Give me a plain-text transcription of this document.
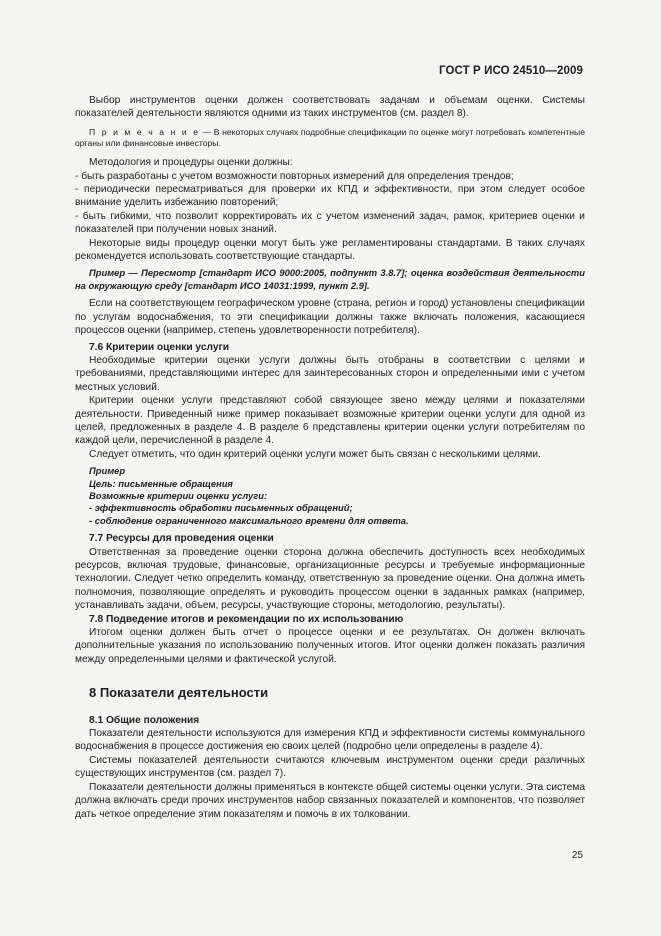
ГОСТ Р ИСО 24510—2009

Выбор инструментов оценки должен соответствовать задачам и объемам оценки. Системы показателей деятельности являются одними из таких инструментов (см. раздел 8).

П р и м е ч а н и е — В некоторых случаях подробные спецификации по оценке могут потребовать компетентные органы или финансовые инвесторы.

Методология и процедуры оценки должны:

- быть разработаны с учетом возможности повторных измерений для определения трендов;
- периодически пересматриваться для проверки их КПД и эффективности, при этом следует особое внимание уделить избежанию повторений;
- быть гибкими, что позволит корректировать их с учетом изменений задач, рамок, критериев оценки и показателей при получении новых знаний.

Некоторые виды процедур оценки могут быть уже регламентированы стандартами. В таких случаях рекомендуется использовать соответствующие стандарты.

Пример — Пересмотр [стандарт ИСО 9000:2005, подпункт 3.8.7]; оценка воздействия деятельности на окружающую среду [стандарт ИСО 14031:1999, пункт 2.9].

Если на соответствующем географическом уровне (страна, регион и город) установлены спецификации по услугам водоснабжения, то эти спецификации должны также включать положения, касающиеся процессов оценки (например, степень удовлетворенности потребителя).

7.6 Критерии оценки услуги

Необходимые критерии оценки услуги должны быть отобраны в соответствии с целями и требованиями, представляющими интерес для заинтересованных сторон и определенными ими с учетом местных условий.

Критерии оценки услуги представляют собой связующее звено между целями и показателями деятельности. Приведенный ниже пример показывает возможные критерии оценки услуги для одной из целей, предложенных в разделе 4. В разделе 6 представлены критерии оценки услуги потребителям по каждой цели, перечисленной в разделе 4.

Следует отметить, что один критерий оценки услуги может быть связан с несколькими целями.

Пример

Цель: письменные обращения

Возможные критерии оценки услуги:

- эффективность обработки письменных обращений;

- соблюдение ограниченного максимального времени для ответа.

7.7 Ресурсы для проведения оценки

Ответственная за проведение оценки сторона должна обеспечить доступность всех необходимых ресурсов, включая трудовые, финансовые, организационные ресурсы и требуемые информационные технологии. Следует четко определить команду, ответственную за проведение оценки. Она должна иметь полномочия, позволяющие определять и руководить процессом оценки в заданных рамках (например, устанавливать задачи, объем, ресурсы, участвующие стороны, методологию, результаты).

7.8 Подведение итогов и рекомендации по их использованию

Итогом оценки должен быть отчет о процессе оценки и ее результатах. Он должен включать дополнительные указания по использованию полученных итогов. Итог оценки должен показать различия между определенными целями и фактической услугой.

8 Показатели деятельности

8.1 Общие положения

Показатели деятельности используются для измерения КПД и эффективности системы коммунального водоснабжения в процессе достижения ею своих целей (подробно цели определены в разделе 4).

Системы показателей деятельности считаются ключевым инструментом оценки среди различных существующих инструментов (см. раздел 7).

Показатели деятельности должны применяться в контексте общей системы оценки услуги. Эта система должна включать среди прочих инструментов набор связанных показателей и компонентов, что позволяет дать четкое определение этим показателям и помочь в их толковании.

25
